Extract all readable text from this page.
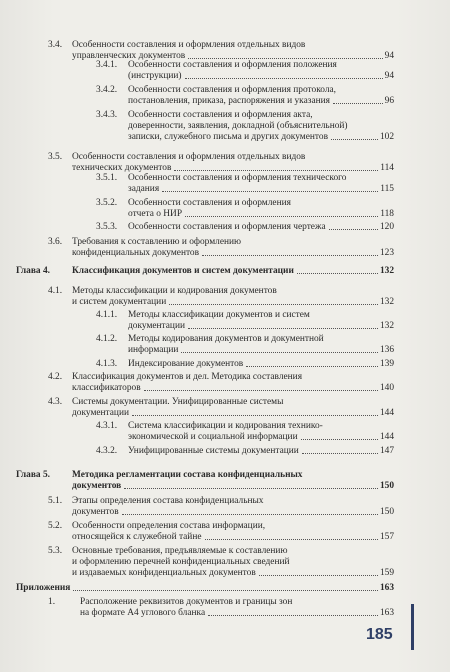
3.4. Особенности составления и оформления отдельных видов
управленческих документов	94
3.4.1. Особенности составления и оформления положения
(инструкции)	94
3.4.2. Особенности составления и оформления протокола,
постановления, приказа, распоряжения и указания	96
3.4.3. Особенности составления и оформления акта,
доверенности, заявления, докладной (объяснительной)
записки, служебного письма и других документов	102
3.5. Особенности составления и оформления отдельных видов
технических документов	114
3.5.1. Особенности составления и оформления технического
задания	115
3.5.2. Особенности составления и оформления
отчета о НИР	118
3.5.3. Особенности составления и оформления чертежа	120
3.6. Требования к составлению и оформлению
конфиденциальных документов	123
Глава 4. Классификация документов и систем документации	132
4.1. Методы классификации и кодирования документов
и систем документации	132
4.1.1. Методы классификации документов и систем
документации	132
4.1.2. Методы кодирования документов и документной
информации	136
4.1.3. Индексирование документов	139
4.2. Классификация документов и дел. Методика составления
классификаторов	140
4.3. Системы документации. Унифицированные системы
документации	144
4.3.1. Система классификации и кодирования технико-
экономической и социальной информации	144
4.3.2. Унифицированные системы документации	147
Глава 5. Методика регламентации состава конфиденциальных
документов	150
5.1. Этапы определения состава конфиденциальных
документов	150
5.2. Особенности определения состава информации,
относящейся к служебной тайне	157
5.3. Основные требования, предъявляемые к составлению
и оформлению перечней конфиденциальных сведений
и издаваемых конфиденциальных документов	159
Приложения	163
1.	Расположение реквизитов документов и границы зон
на формате А4 углового бланка	163
185
